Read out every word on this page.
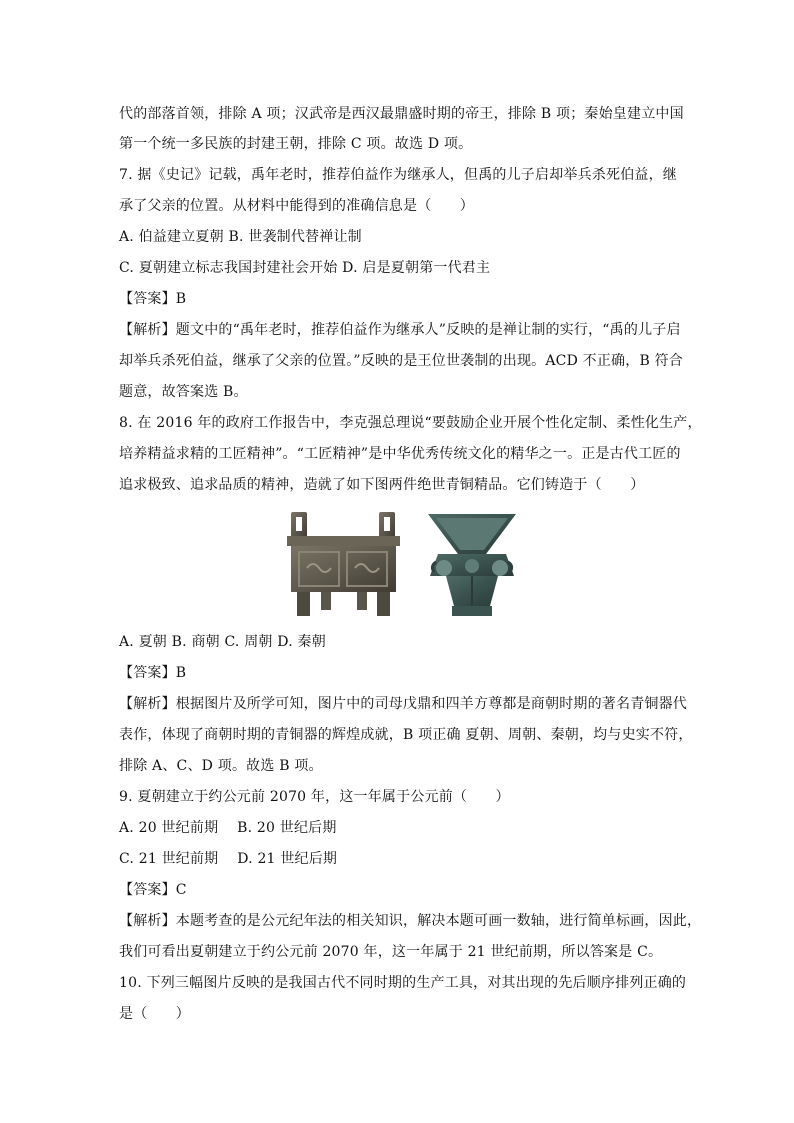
代的部落首领，排除 A 项；汉武帝是西汉最鼎盛时期的帝王，排除 B 项；秦始皇建立中国
第一个统一多民族的封建王朝，排除 C 项。故选 D 项。
7. 据《史记》记载，禹年老时，推荐伯益作为继承人，但禹的儿子启却举兵杀死伯益，继
承了父亲的位置。从材料中能得到的准确信息是（　　）
A. 伯益建立夏朝 B. 世袭制代替禅让制
C. 夏朝建立标志我国封建社会开始 D. 启是夏朝第一代君主
【答案】B
【解析】题文中的“禹年老时，推荐伯益作为继承人”反映的是禅让制的实行，“禹的儿子启
却举兵杀死伯益，继承了父亲的位置。”反映的是王位世袭制的出现。ACD 不正确，B 符合
题意，故答案选 B。
8. 在 2016 年的政府工作报告中，李克强总理说“要鼓励企业开展个性化定制、柔性化生产，
培养精益求精的工匠精神”。“工匠精神”是中华优秀传统文化的精华之一。正是古代工匠的
追求极致、追求品质的精神，造就了如下图两件绝世青铜精品。它们铸造于（　　）
A. 夏朝 B. 商朝 C. 周朝 D. 秦朝
【答案】B
【解析】根据图片及所学可知，图片中的司母戊鼎和四羊方尊都是商朝时期的著名青铜器代
表作，体现了商朝时期的青铜器的辉煌成就，B 项正确 夏朝、周朝、秦朝，均与史实不符，
排除 A、C、D 项。故选 B 项。
9. 夏朝建立于约公元前 2070 年，这一年属于公元前（　　）
A. 20 世纪前期　 B. 20 世纪后期
C. 21 世纪前期　 D. 21 世纪后期
【答案】C
【解析】本题考查的是公元纪年法的相关知识，解决本题可画一数轴，进行简单标画，因此，
我们可看出夏朝建立于约公元前 2070 年，这一年属于 21 世纪前期，所以答案是 C。
10. 下列三幅图片反映的是我国古代不同时期的生产工具，对其出现的先后顺序排列正确的
是（　　）
